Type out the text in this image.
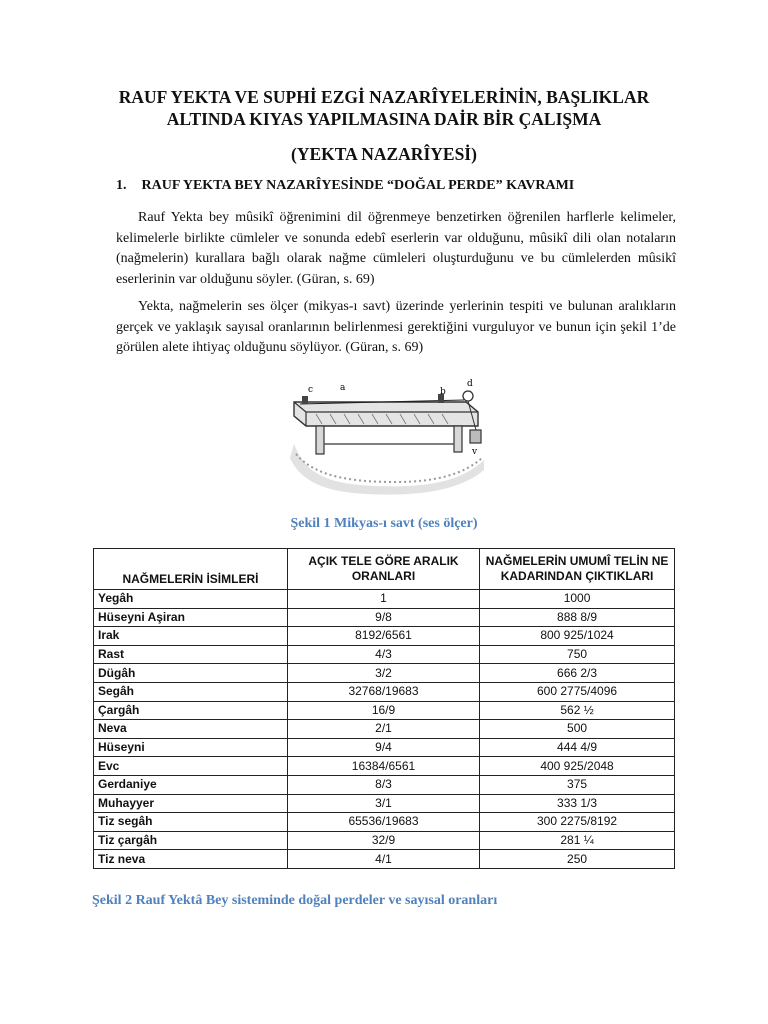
RAUF YEKTA VE SUPHİ EZGİ NAZARÎYELERİNİN, BAŞLIKLAR ALTINDA KIYAS YAPILMASINA DAİR BİR ÇALIŞMA
(YEKTA NAZARÎYESİ)
1. RAUF YEKTA BEY NAZARÎYESİNDE “DOĞAL PERDE” KAVRAMI

Rauf Yekta bey mûsikî öğrenimini dil öğrenmeye benzetirken öğrenilen harflerle kelimeler, kelimelerle birlikte cümleler ve sonunda edebî eserlerin var olduğunu, mûsikî dili olan notaların (nağmelerin) kurallara bağlı olarak nağme cümleleri oluşturduğunu ve bu cümlelerden mûsikî eserlerinin var olduğunu söyler. (Güran, s. 69)

Yekta, nağmelerin ses ölçer (mikyas-ı savt) üzerinde yerlerinin tespiti ve bulunan aralıkların gerçek ve yaklaşık sayısal oranlarının belirlenmesi gerektiğini vurguluyor ve bunun için şekil 1’de görülen alete ihtiyaç olduğunu söylüyor. (Güran, s. 69)

c	a	b
d
v

Şekil 1 Mikyas-ı savt (ses ölçer)

NAĞMELERİN İSİMLERİ	AÇIK TELE GÖRE ARALIK ORANLARI	NAĞMELERİN UMUMÎ TELİN NE KADARINDAN ÇIKTIKLARI
Yegâh	1	1000
Hüseyni Aşiran	9/8	888 8/9
Irak	8192/6561	800 925/1024
Rast	4/3	750
Dügâh	3/2	666 2/3
Segâh	32768/19683	600 2775/4096
Çargâh	16/9	562 ½
Neva	2/1	500
Hüseyni	9/4	444 4/9
Evc	16384/6561	400 925/2048
Gerdaniye	8/3	375
Muhayyer	3/1	333 1/3
Tiz segâh	65536/19683	300 2275/8192
Tiz çargâh	32/9	281 ¼
Tiz neva	4/1	250

Şekil 2 Rauf Yektâ Bey sisteminde doğal perdeler ve sayısal oranları
